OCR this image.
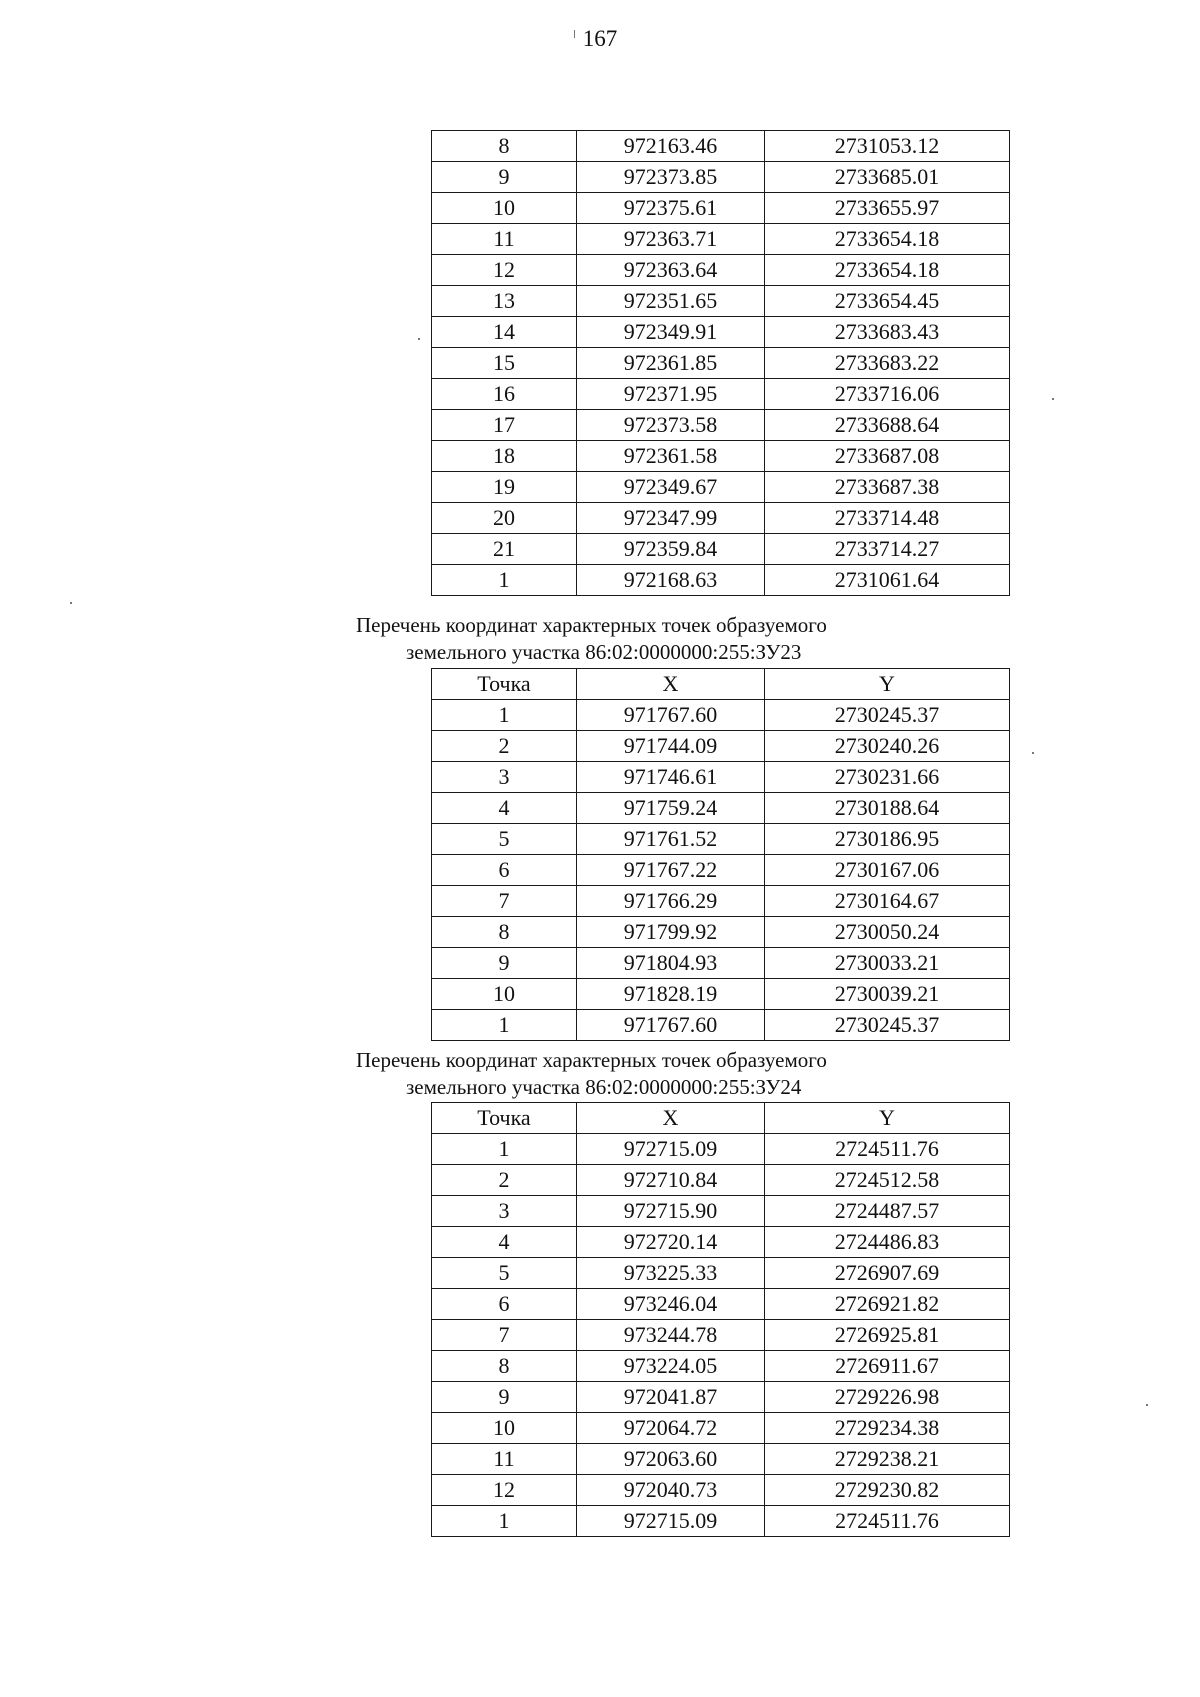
167
8	972163.46	2731053.12
9	972373.85	2733685.01
10	972375.61	2733655.97
11	972363.71	2733654.18
12	972363.64	2733654.18
13	972351.65	2733654.45
14	972349.91	2733683.43
15	972361.85	2733683.22
16	972371.95	2733716.06
17	972373.58	2733688.64
18	972361.58	2733687.08
19	972349.67	2733687.38
20	972347.99	2733714.48
21	972359.84	2733714.27
1	972168.63	2731061.64
Перечень координат характерных точек образуемого
земельного участка 86:02:0000000:255:ЗУ23
Точка	X	Y
1	971767.60	2730245.37
2	971744.09	2730240.26
3	971746.61	2730231.66
4	971759.24	2730188.64
5	971761.52	2730186.95
6	971767.22	2730167.06
7	971766.29	2730164.67
8	971799.92	2730050.24
9	971804.93	2730033.21
10	971828.19	2730039.21
1	971767.60	2730245.37
Перечень координат характерных точек образуемого
земельного участка 86:02:0000000:255:ЗУ24
Точка	X	Y
1	972715.09	2724511.76
2	972710.84	2724512.58
3	972715.90	2724487.57
4	972720.14	2724486.83
5	973225.33	2726907.69
6	973246.04	2726921.82
7	973244.78	2726925.81
8	973224.05	2726911.67
9	972041.87	2729226.98
10	972064.72	2729234.38
11	972063.60	2729238.21
12	972040.73	2729230.82
1	972715.09	2724511.76
